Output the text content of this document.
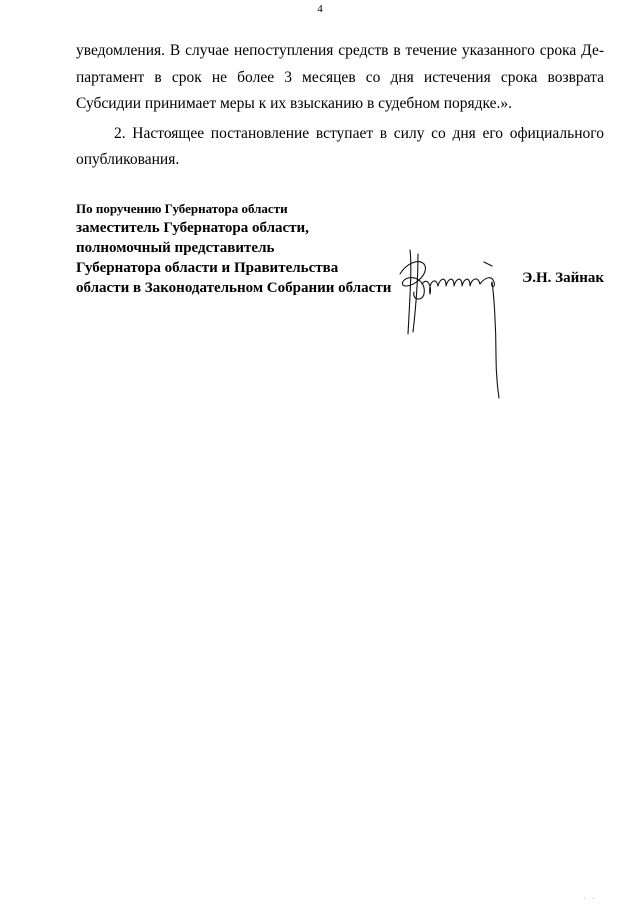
4

уведомления. В случае непоступления средств в течение указанного срока Де- партамент в срок не более 3 месяцев со дня истечения срока возврата Субсидии принимает меры к их взысканию в судебном порядке.».

2. Настоящее постановление вступает в силу со дня его официального опубликования.

По поручению Губернатора области
заместитель Губернатора области,
полномочный представитель
Губернатора области и Правительства
области в Законодательном Собрании области
Э.Н. Зайнак
. .
